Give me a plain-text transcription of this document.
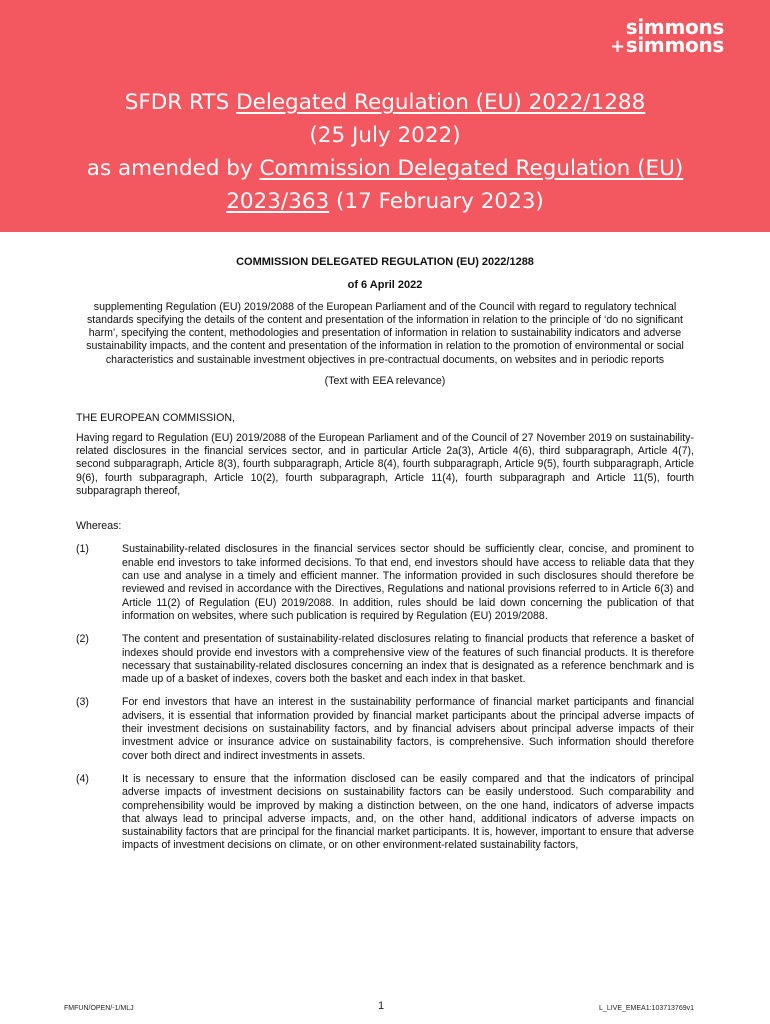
simmons
+simmons
SFDR RTS Delegated Regulation (EU) 2022/1288
(25 July 2022)
as amended by Commission Delegated Regulation (EU)
2023/363 (17 February 2023)
COMMISSION DELEGATED REGULATION (EU) 2022/1288
of 6 April 2022
supplementing Regulation (EU) 2019/2088 of the European Parliament and of the Council with regard to regulatory technical standards specifying the details of the content and presentation of the information in relation to the principle of ‘do no significant harm’, specifying the content, methodologies and presentation of information in relation to sustainability indicators and adverse sustainability impacts, and the content and presentation of the information in relation to the promotion of environmental or social characteristics and sustainable investment objectives in pre-contractual documents, on websites and in periodic reports
(Text with EEA relevance)
THE EUROPEAN COMMISSION,
Having regard to Regulation (EU) 2019/2088 of the European Parliament and of the Council of 27 November 2019 on sustainability-related disclosures in the financial services sector, and in particular Article 2a(3), Article 4(6), third subparagraph, Article 4(7), second subparagraph, Article 8(3), fourth subparagraph, Article 8(4), fourth subparagraph, Article 9(5), fourth subparagraph, Article 9(6), fourth subparagraph, Article 10(2), fourth subparagraph, Article 11(4), fourth subparagraph and Article 11(5), fourth subparagraph thereof,
Whereas:
(1)	Sustainability-related disclosures in the financial services sector should be sufficiently clear, concise, and prominent to enable end investors to take informed decisions. To that end, end investors should have access to reliable data that they can use and analyse in a timely and efficient manner. The information provided in such disclosures should therefore be reviewed and revised in accordance with the Directives, Regulations and national provisions referred to in Article 6(3) and Article 11(2) of Regulation (EU) 2019/2088. In addition, rules should be laid down concerning the publication of that information on websites, where such publication is required by Regulation (EU) 2019/2088.
(2)	The content and presentation of sustainability-related disclosures relating to financial products that reference a basket of indexes should provide end investors with a comprehensive view of the features of such financial products. It is therefore necessary that sustainability-related disclosures concerning an index that is designated as a reference benchmark and is made up of a basket of indexes, covers both the basket and each index in that basket.
(3)	For end investors that have an interest in the sustainability performance of financial market participants and financial advisers, it is essential that information provided by financial market participants about the principal adverse impacts of their investment decisions on sustainability factors, and by financial advisers about principal adverse impacts of their investment advice or insurance advice on sustainability factors, is comprehensive. Such information should therefore cover both direct and indirect investments in assets.
(4)	It is necessary to ensure that the information disclosed can be easily compared and that the indicators of principal adverse impacts of investment decisions on sustainability factors can be easily understood. Such comparability and comprehensibility would be improved by making a distinction between, on the one hand, indicators of adverse impacts that always lead to principal adverse impacts, and, on the other hand, additional indicators of adverse impacts on sustainability factors that are principal for the financial market participants. It is, however, important to ensure that adverse impacts of investment decisions on climate, or on other environment-related sustainability factors,
FMFUN/OPEN/-1/MLJ	1	L_LIVE_EMEA1:103713769v1
